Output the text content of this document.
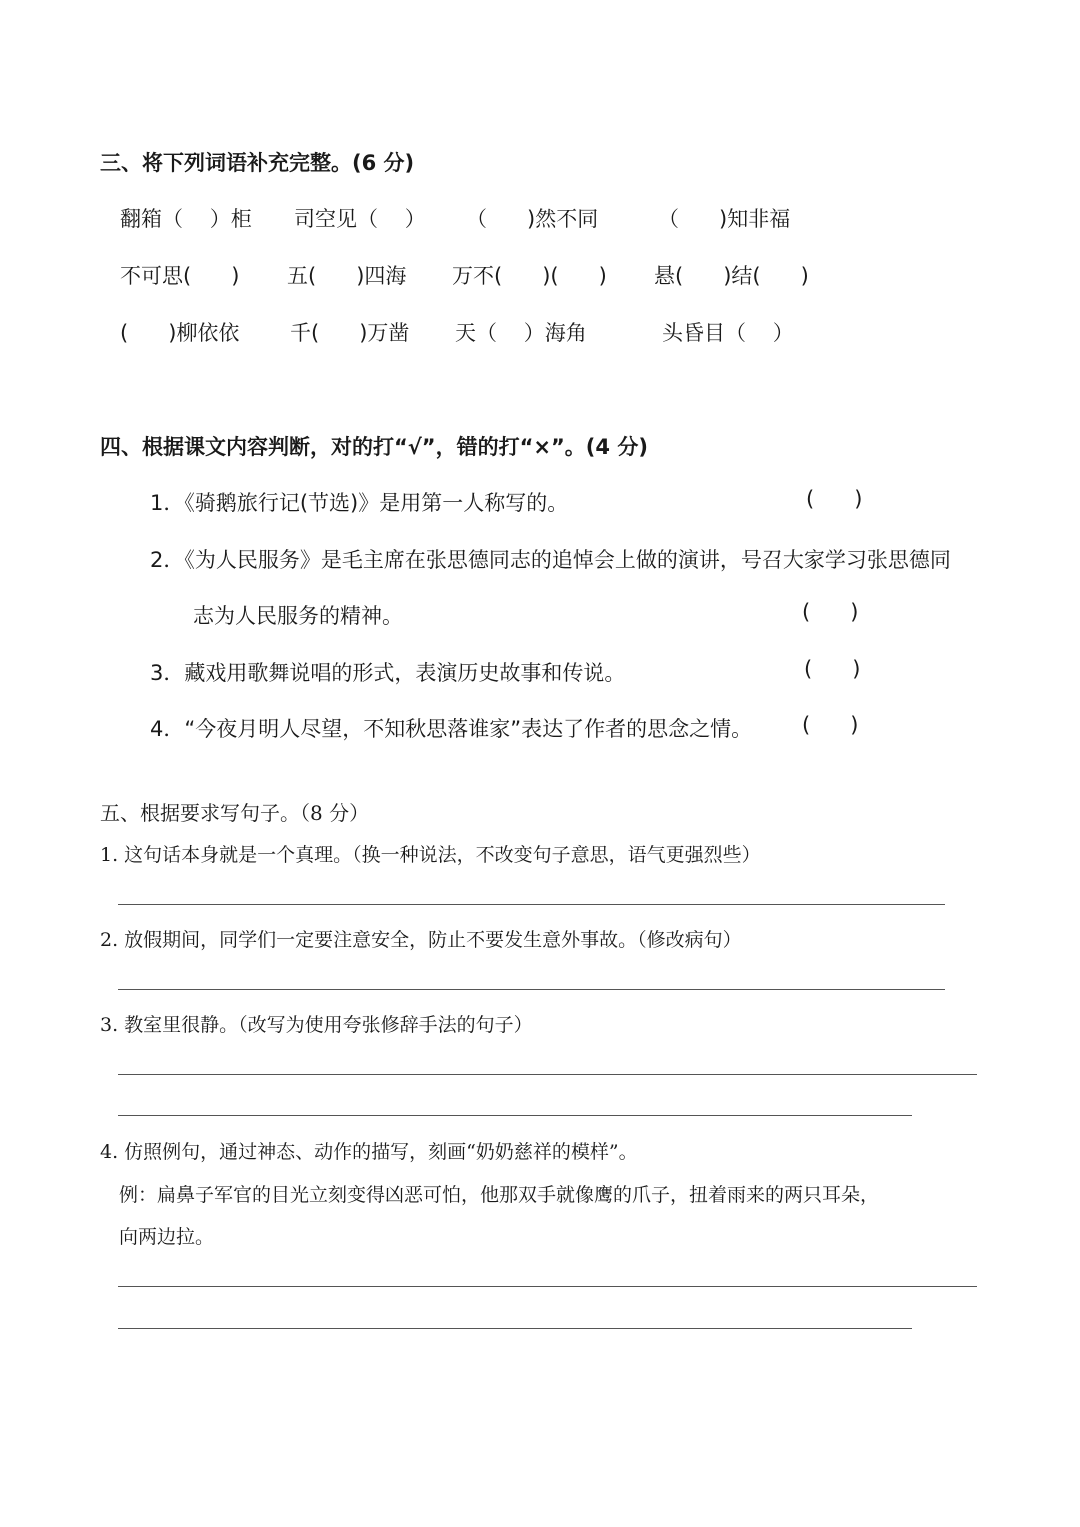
三、将下列词语补充完整。(6 分)
翻箱（    ）柜 司空见（    ） （      )然不同	（      )知非福
不可思(      ) 五(      )四海 万不(      )(      ) 悬(      )结(      )
(      )柳依依 千(      )万凿 天（    ）海角	头昏目（    ）
四、根据课文内容判断，对的打“√”，错的打“×”。(4 分)
1．《骑鹅旅行记(节选)》是用第一人称写的。	(      )
2．《为人民服务》是毛主席在张思德同志的追悼会上做的演讲，号召大家学习张思德同
志为人民服务的精神。	(      )
3．藏戏用歌舞说唱的形式，表演历史故事和传说。	(      )
4．“今夜月明人尽望，不知秋思落谁家”表达了作者的思念之情。 (      )
五、根据要求写句子。（8 分）
1. 这句话本身就是一个真理。（换一种说法，不改变句子意思，语气更强烈些）
2. 放假期间，同学们一定要注意安全，防止不要发生意外事故。（修改病句）
3. 教室里很静。（改写为使用夸张修辞手法的句子）
4. 仿照例句，通过神态、动作的描写，刻画“奶奶慈祥的模样”。
例：扁鼻子军官的目光立刻变得凶恶可怕，他那双手就像鹰的爪子，扭着雨来的两只耳朵，
向两边拉。
